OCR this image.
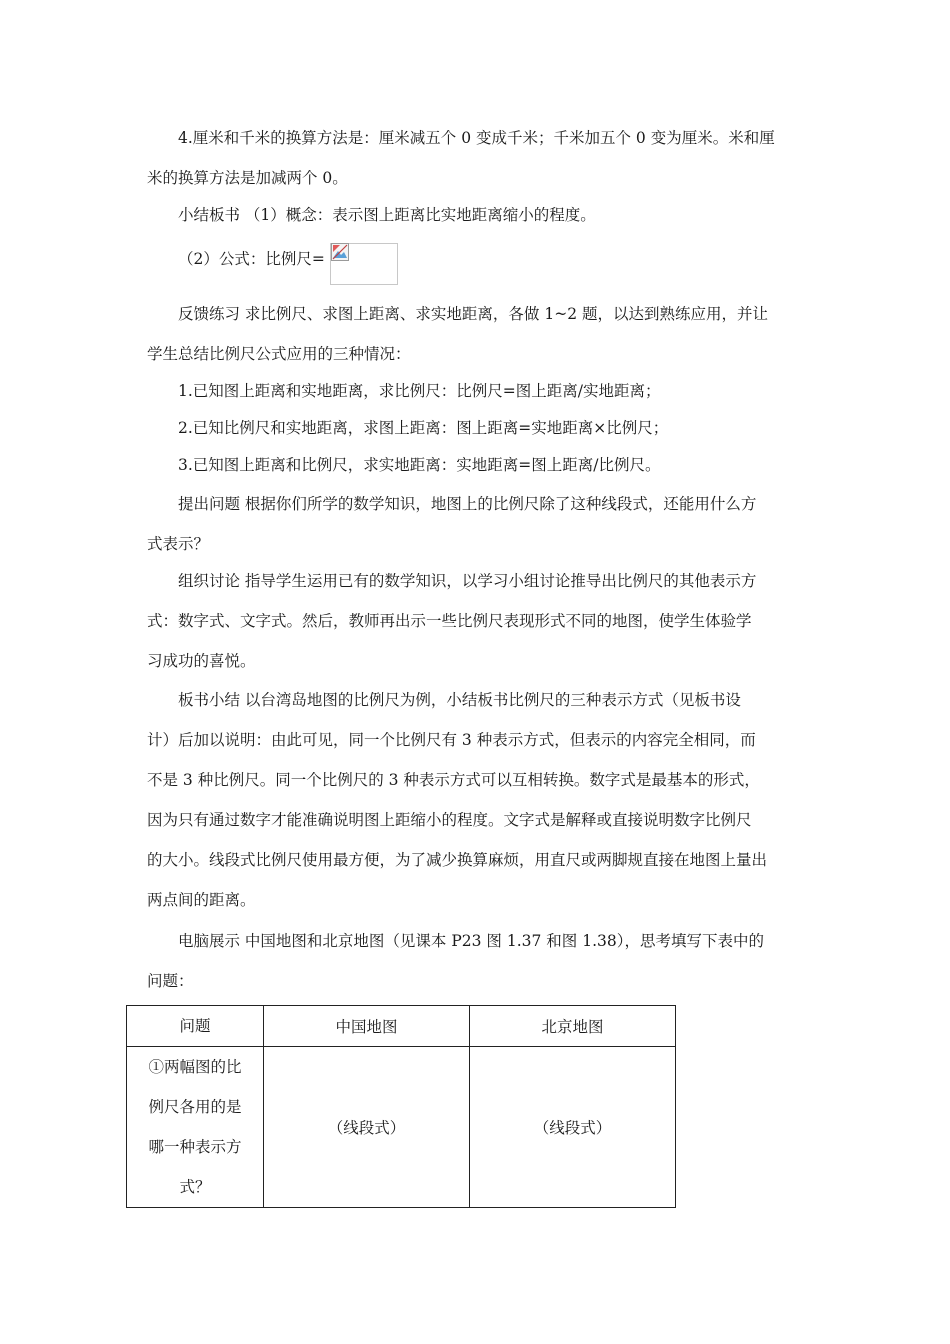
4.厘米和千米的换算方法是：厘米减五个 0 变成千米；千米加五个 0 变为厘米。米和厘
米的换算方法是加减两个 0。
小结板书 （1）概念：表示图上距离比实地距离缩小的程度。
（2）公式：比例尺=
反馈练习 求比例尺、求图上距离、求实地距离，各做 1~2 题，以达到熟练应用，并让
学生总结比例尺公式应用的三种情况：
1.已知图上距离和实地距离，求比例尺：比例尺=图上距离/实地距离；
2.已知比例尺和实地距离，求图上距离：图上距离=实地距离×比例尺；
3.已知图上距离和比例尺，求实地距离：实地距离=图上距离/比例尺。
提出问题 根据你们所学的数学知识，地图上的比例尺除了这种线段式，还能用什么方
式表示？
组织讨论 指导学生运用已有的数学知识，以学习小组讨论推导出比例尺的其他表示方
式：数字式、文字式。然后，教师再出示一些比例尺表现形式不同的地图，使学生体验学
习成功的喜悦。
板书小结 以台湾岛地图的比例尺为例，小结板书比例尺的三种表示方式（见板书设
计）后加以说明：由此可见，同一个比例尺有 3 种表示方式，但表示的内容完全相同，而
不是 3 种比例尺。同一个比例尺的 3 种表示方式可以互相转换。数字式是最基本的形式，
因为只有通过数字才能准确说明图上距缩小的程度。文字式是解释或直接说明数字比例尺
的大小。线段式比例尺使用最方便，为了减少换算麻烦，用直尺或两脚规直接在地图上量出
两点间的距离。
电脑展示 中国地图和北京地图（见课本 P23 图 1.37 和图 1.38），思考填写下表中的
问题：
问题	中国地图	北京地图

①两幅图的比
例尺各用的是
哪一种表示方
式？	（线段式）	（线段式）
